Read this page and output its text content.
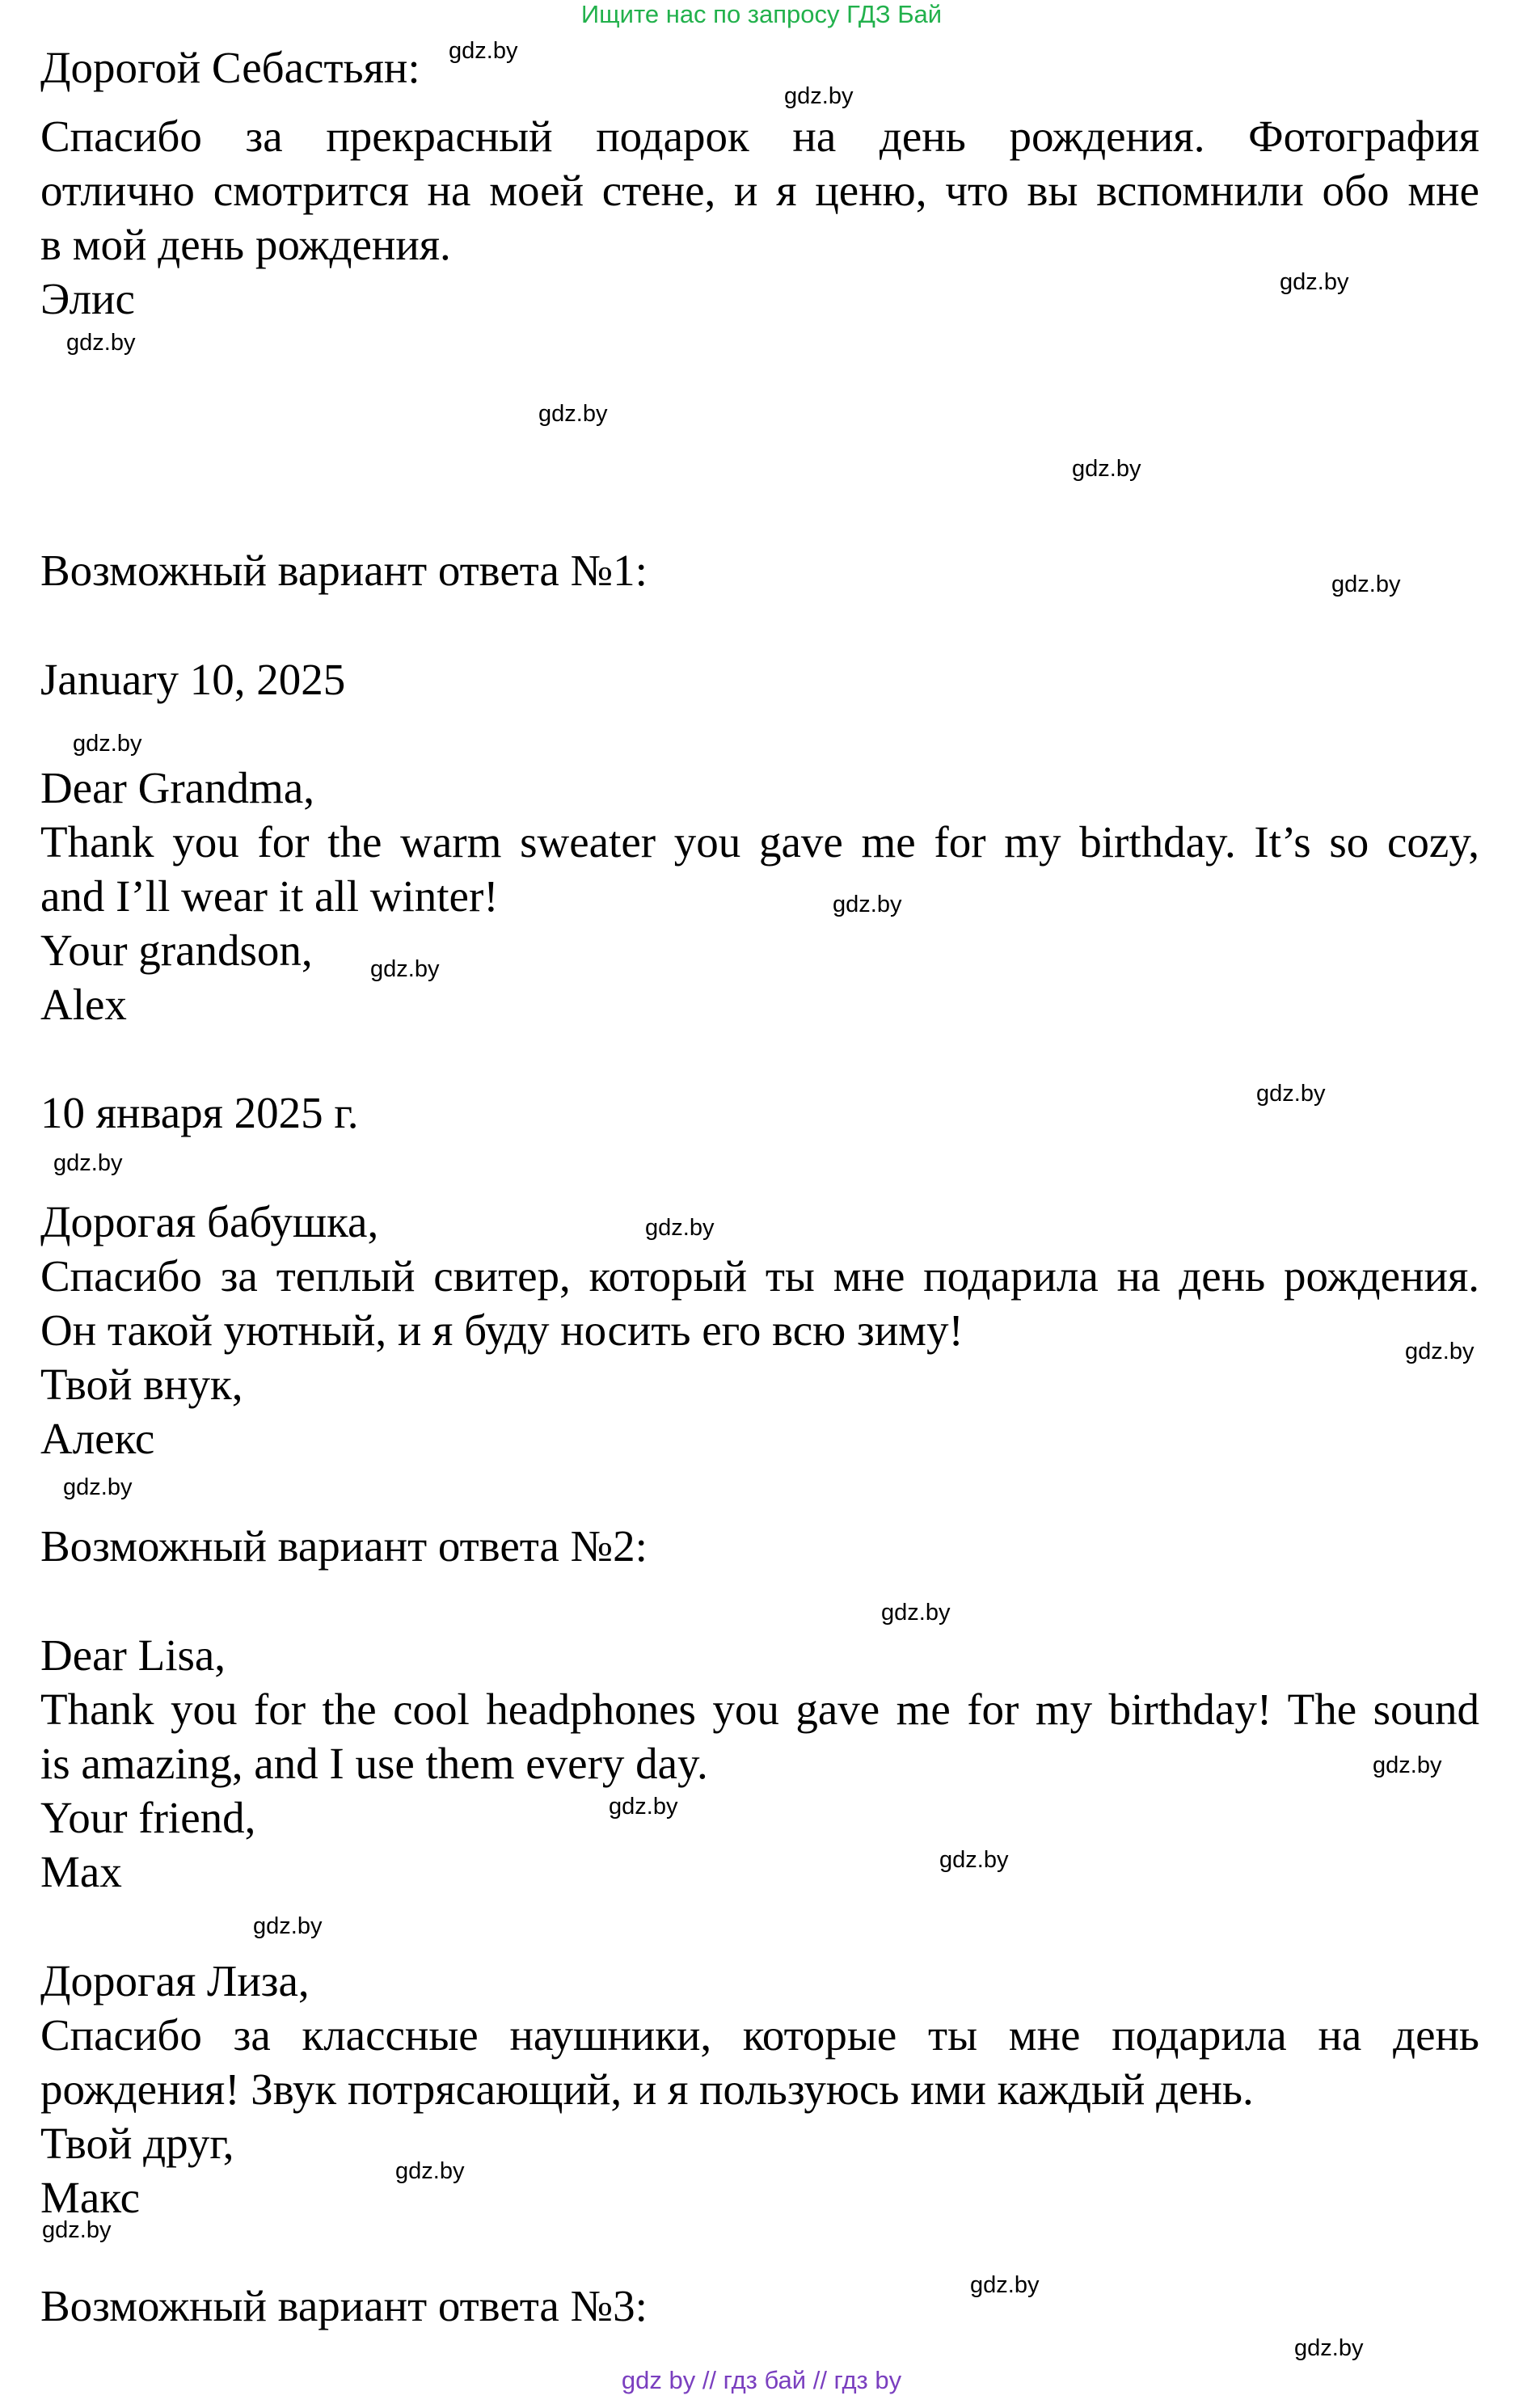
Ищите нас по запросу ГДЗ Бай
Дорогой Себастьян:
Спасибо за прекрасный подарок на день рождения. Фотография
отлично смотрится на моей стене, и я ценю, что вы вспомнили обо мне
в мой день рождения.
Элис
Возможный вариант ответа №1:
January 10, 2025
Dear Grandma,
Thank you for the warm sweater you gave me for my birthday. It’s so cozy,
and I’ll wear it all winter!
Your grandson,
Alex
10 января 2025 г.
Дорогая бабушка,
Спасибо за теплый свитер, который ты мне подарила на день рождения.
Он такой уютный, и я буду носить его всю зиму!
Твой внук,
Алекс
Возможный вариант ответа №2:
Dear Lisa,
Thank you for the cool headphones you gave me for my birthday! The sound
is amazing, and I use them every day.
Your friend,
Max
Дорогая Лиза,
Спасибо за классные наушники, которые ты мне подарила на день
рождения! Звук потрясающий, и я пользуюсь ими каждый день.
Твой друг,
Макс
Возможный вариант ответа №3:
gdz.by
gdz.by
gdz.by
gdz.by
gdz.by
gdz.by
gdz.by
gdz.by
gdz.by
gdz.by
gdz.by
gdz.by
gdz.by
gdz.by
gdz.by
gdz.by
gdz.by
gdz.by
gdz.by
gdz.by
gdz.by
gdz.by
gdz.by
gdz.by
gdz by // гдз бай // гдз by
